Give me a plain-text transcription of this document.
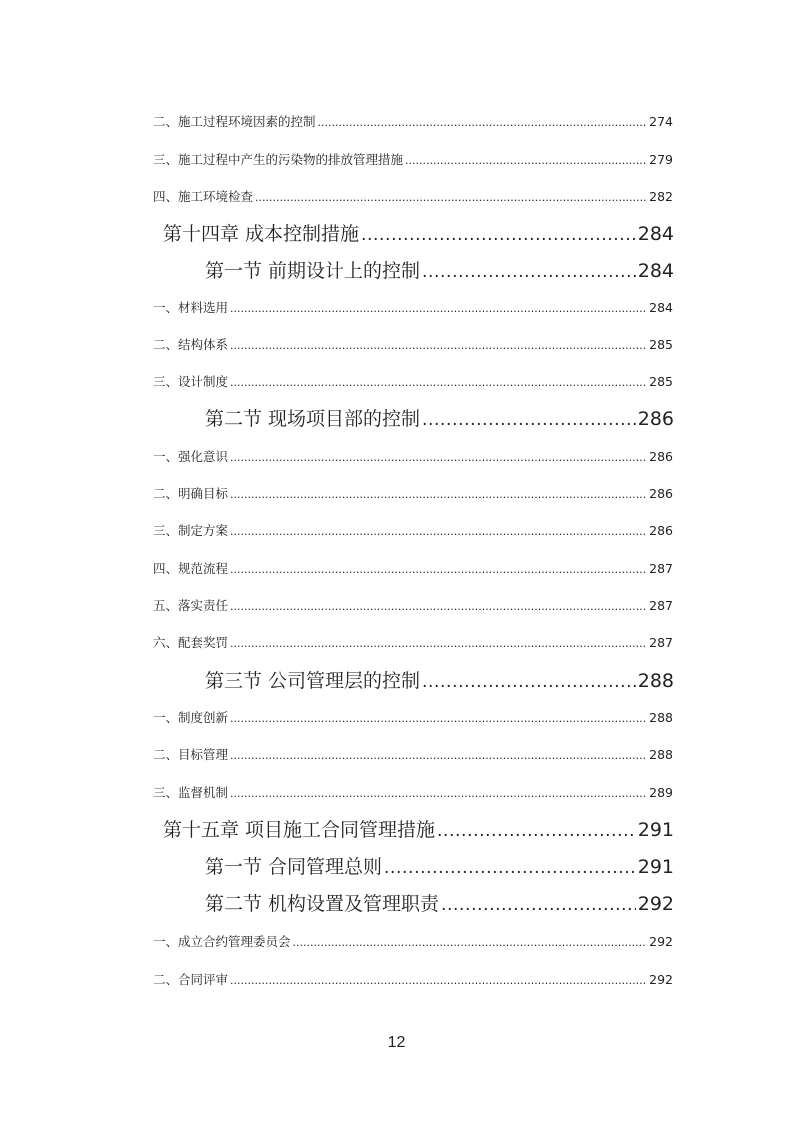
二、施工过程环境因素的控制 .....	274
三、施工过程中产生的污染物的排放管理措施 .....	279
四、施工环境检查 .....	282
第十四章 成本控制措施 .....	284
第一节 前期设计上的控制 .....	284
一、材料选用 .....	284
二、结构体系 .....	285
三、设计制度 .....	285
第二节 现场项目部的控制 .....	286
一、强化意识 .....	286
二、明确目标 .....	286
三、制定方案 .....	286
四、规范流程 .....	287
五、落实责任 .....	287
六、配套奖罚 .....	287
第三节 公司管理层的控制 .....	288
一、制度创新 .....	288
二、目标管理 .....	288
三、监督机制 .....	289
第十五章 项目施工合同管理措施 .....	291
第一节 合同管理总则 .....	291
第二节 机构设置及管理职责 .....	292
一、成立合约管理委员会 .....	292
二、合同评审 .....	292
12
